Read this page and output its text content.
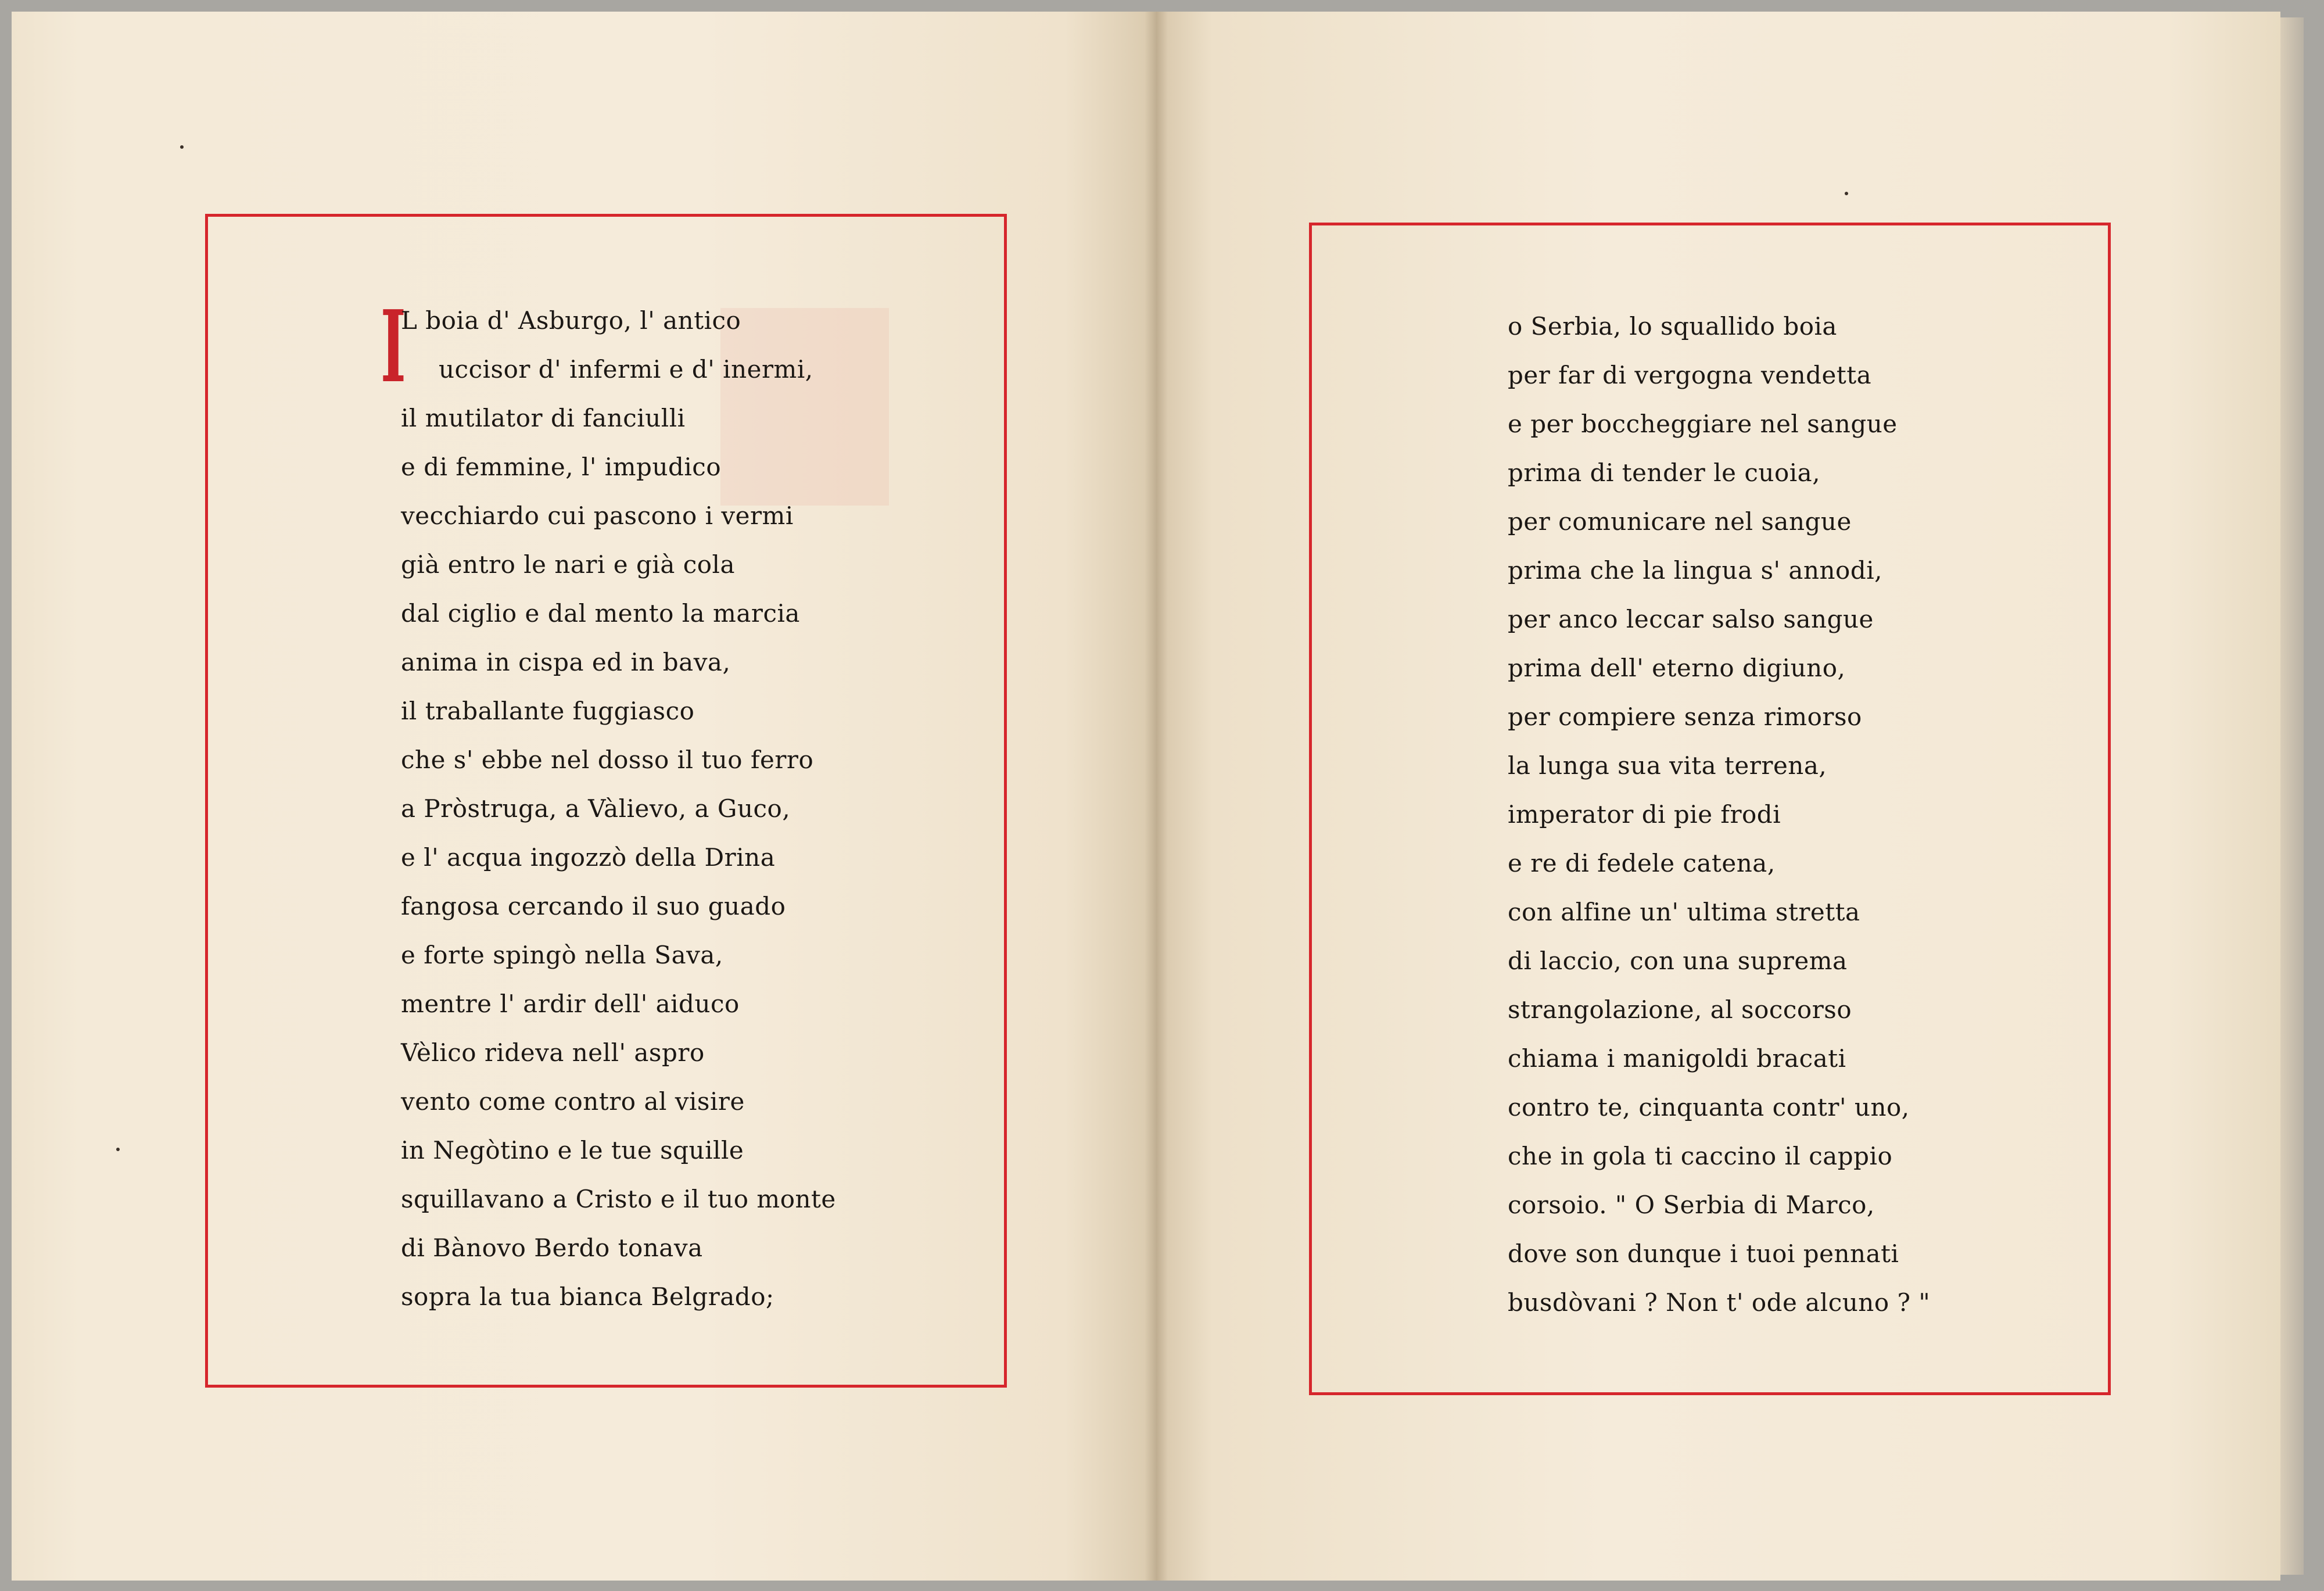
I
L boia d' Asburgo, l' antico
uccisor d' infermi e d' inermi,
il mutilator di fanciulli
e di femmine, l' impudico
vecchiardo cui pascono i vermi
già entro le nari e già cola
dal ciglio e dal mento la marcia
anima in cispa ed in bava,
il traballante fuggiasco
che s' ebbe nel dosso il tuo ferro
a Pròstruga, a Vàlievo, a Guco,
e l' acqua ingozzò della Drina
fangosa cercando il suo guado
e forte spingò nella Sava,
mentre l' ardir dell' aiduco
Vèlico rideva nell' aspro
vento come contro al visire
in Negòtino e le tue squille
squillavano a Cristo e il tuo monte
di Bànovo Berdo tonava
sopra la tua bianca Belgrado;
o Serbia, lo squallido boia
per far di vergogna vendetta
e per boccheggiare nel sangue
prima di tender le cuoia,
per comunicare nel sangue
prima che la lingua s' annodi,
per anco leccar salso sangue
prima dell' eterno digiuno,
per compiere senza rimorso
la lunga sua vita terrena,
imperator di pie frodi
e re di fedele catena,
con alfine un' ultima stretta
di laccio, con una suprema
strangolazione, al soccorso
chiama i manigoldi bracati
contro te, cinquanta contr' uno,
che in gola ti caccino il cappio
corsoio. " O Serbia di Marco,
dove son dunque i tuoi pennati
busdòvani ? Non t' ode alcuno ? "
